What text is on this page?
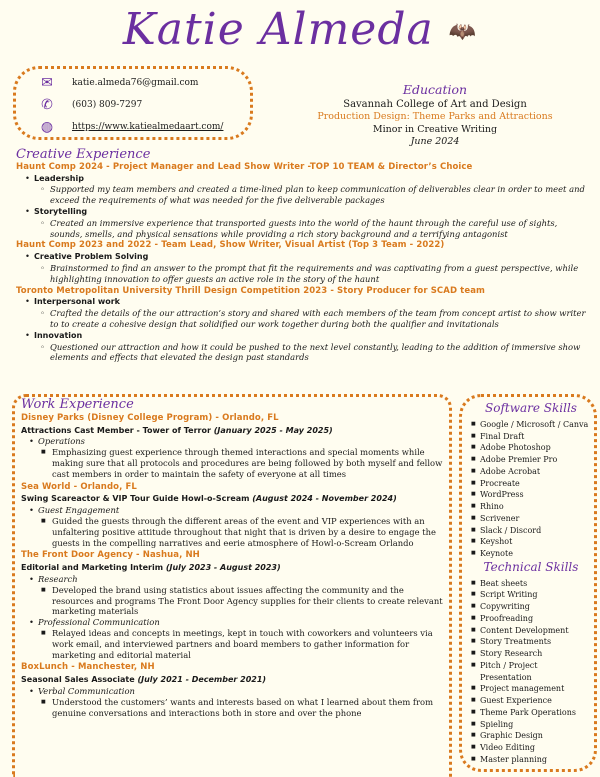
Katie Almeda 🦇
✉	katie.almeda76@gmail.com
✆	(603) 809-7297
◍	https://www.katiealmedaart.com/
Education
Savannah College of Art and Design
Production Design: Theme Parks and Attractions
Minor in Creative Writing
June 2024
Creative Experience
Haunt Comp 2024 - Project Manager and Lead Show Writer -TOP 10 TEAM & Director’s Choice
• Leadership
◦ Supported my team members and created a time-lined plan to keep communication of deliverables clear in order to meet and exceed the requirements of what was needed for the five deliverable packages
• Storytelling
◦ Created an immersive experience that transported guests into the world of the haunt through the careful use of sights, sounds, smells, and physical sensations while providing a rich story background and a terrifying antagonist
Haunt Comp 2023 and 2022 - Team Lead, Show Writer, Visual Artist (Top 3 Team - 2022)
• Creative Problem Solving
◦ Brainstormed to find an answer to the prompt that fit the requirements and was captivating from a guest perspective, while highlighting innovation to offer guests an active role in the story of the haunt
Toronto Metropolitan University Thrill Design Competition 2023 - Story Producer for SCAD team
• Interpersonal work
◦ Crafted the details of the our attraction’s story and shared with each members of the team from concept artist to show writer to to create a cohesive design that solidified our work together during both the qualifier and invitationals
• Innovation
◦ Questioned our attraction and how it could be pushed to the next level constantly, leading to the addition of immersive show elements and effects that elevated the design past standards
Work Experience
Disney Parks (Disney College Program) - Orlando, FL
Attractions Cast Member - Tower of Terror (January 2025 - May 2025)
• Operations
■ Emphasizing guest experience through themed interactions and special moments while making sure that all protocols and procedures are being followed by both myself and fellow cast members in order to maintain the safety of everyone at all times
Sea World - Orlando, FL
Swing Scareactor & VIP Tour Guide Howl-o-Scream (August 2024 - November 2024)
• Guest Engagement
■ Guided the guests through the different areas of the event and VIP experiences with an unfaltering positive attitude throughout that night that is driven by a desire to engage the guests in the compelling narratives and eerie atmosphere of Howl-o-Scream Orlando
The Front Door Agency - Nashua, NH
Editorial and Marketing Interim (July 2023 - August 2023)
• Research
■ Developed the brand using statistics about issues affecting the community and the resources and programs The Front Door Agency supplies for their clients to create relevant marketing materials
• Professional Communication
■ Relayed ideas and concepts in meetings, kept in touch with coworkers and volunteers via work email, and interviewed partners and board members to gather information for marketing and editorial material
BoxLunch - Manchester, NH
Seasonal Sales Associate (July 2021 - December 2021)
• Verbal Communication
■ Understood the customers’ wants and interests based on what I learned about them from genuine conversations and interactions both in store and over the phone
Software Skills
■ Google / Microsoft / Canva
■ Final Draft
■ Adobe Photoshop
■ Adobe Premier Pro
■ Adobe Acrobat
■ Procreate
■ WordPress
■ Rhino
■ Scrivener
■ Slack / Discord
■ Keyshot
■ Keynote
Technical Skills
■ Beat sheets
■ Script Writing
■ Copywriting
■ Proofreading
■ Content Development
■ Story Treatments
■ Story Research
■ Pitch / Project Presentation
■ Project management
■ Guest Experience
■ Theme Park Operations
■ Spieling
■ Graphic Design
■ Video Editing
■ Master planning
